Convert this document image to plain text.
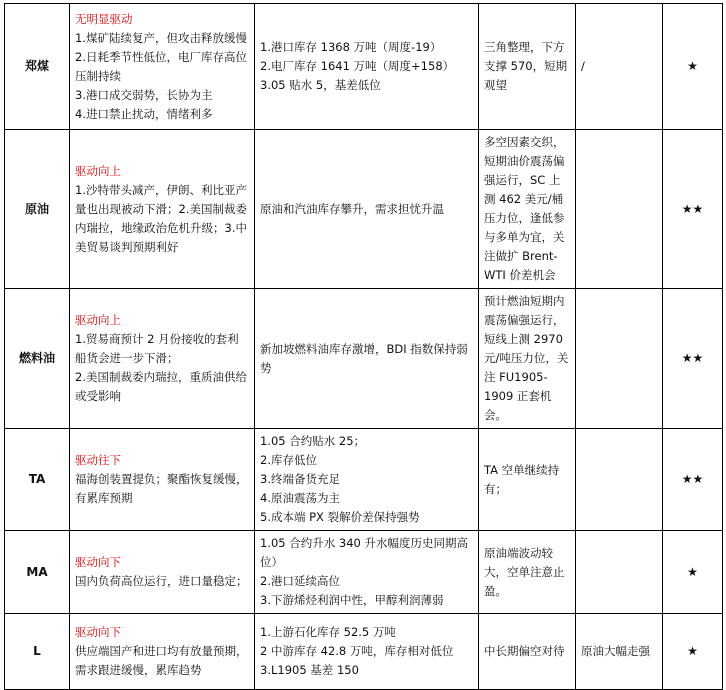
郑煤	无明显驱动
1.煤矿陆续复产，但攻击释放缓慢
2.日耗季节性低位，电厂库存高位压制持续
3.港口成交弱势，长协为主
4.进口禁止扰动，情绪利多	1.港口库存 1368 万吨（周度-19）
2.电厂库存 1641 万吨（周度+158）
3.05 贴水 5，基差低位	三角整理，下方支撑 570，短期观望	/	★
原油	驱动向上
1.沙特带头减产，伊朗、利比亚产量也出现被动下滑；2.美国制裁委内瑞拉，地缘政治危机升级；3.中美贸易谈判预期利好	原油和汽油库存攀升，需求担忧升温	多空因素交织，短期油价震荡偏强运行，SC 上测 462 美元/桶压力位，逢低参与多单为宜，关注做扩 Brent-WTI 价差机会		★★
燃料油	驱动向上
1.贸易商预计 2 月份接收的套利船货会进一步下滑；
2.美国制裁委内瑞拉，重质油供给或受影响	新加坡燃料油库存激增，BDI 指数保持弱势	预计燃油短期内震荡偏强运行，短线上测 2970 元/吨压力位，关注 FU1905-1909 正套机会。		★★
TA	驱动往下
福海创装置提负；聚酯恢复缓慢，有累库预期	1.05 合约贴水 25；
2.库存低位
3.终端备货充足
4.原油震荡为主
5.成本端 PX 裂解价差保持强势	TA 空单继续持有；		★★
MA	驱动向下
国内负荷高位运行，进口量稳定；	1.05 合约升水 340 升水幅度历史同期高位）
2.港口延续高位
3.下游烯烃利润中性，甲醇利润薄弱	原油端波动较大，空单注意止盈。		★
L	驱动向下
供应端国产和进口均有放量预期，需求跟进缓慢，累库趋势	1.上游石化库存 52.5 万吨
2 中游库存 42.8 万吨，库存相对低位
3.L1905 基差 150	中长期偏空对待	原油大幅走强	★
